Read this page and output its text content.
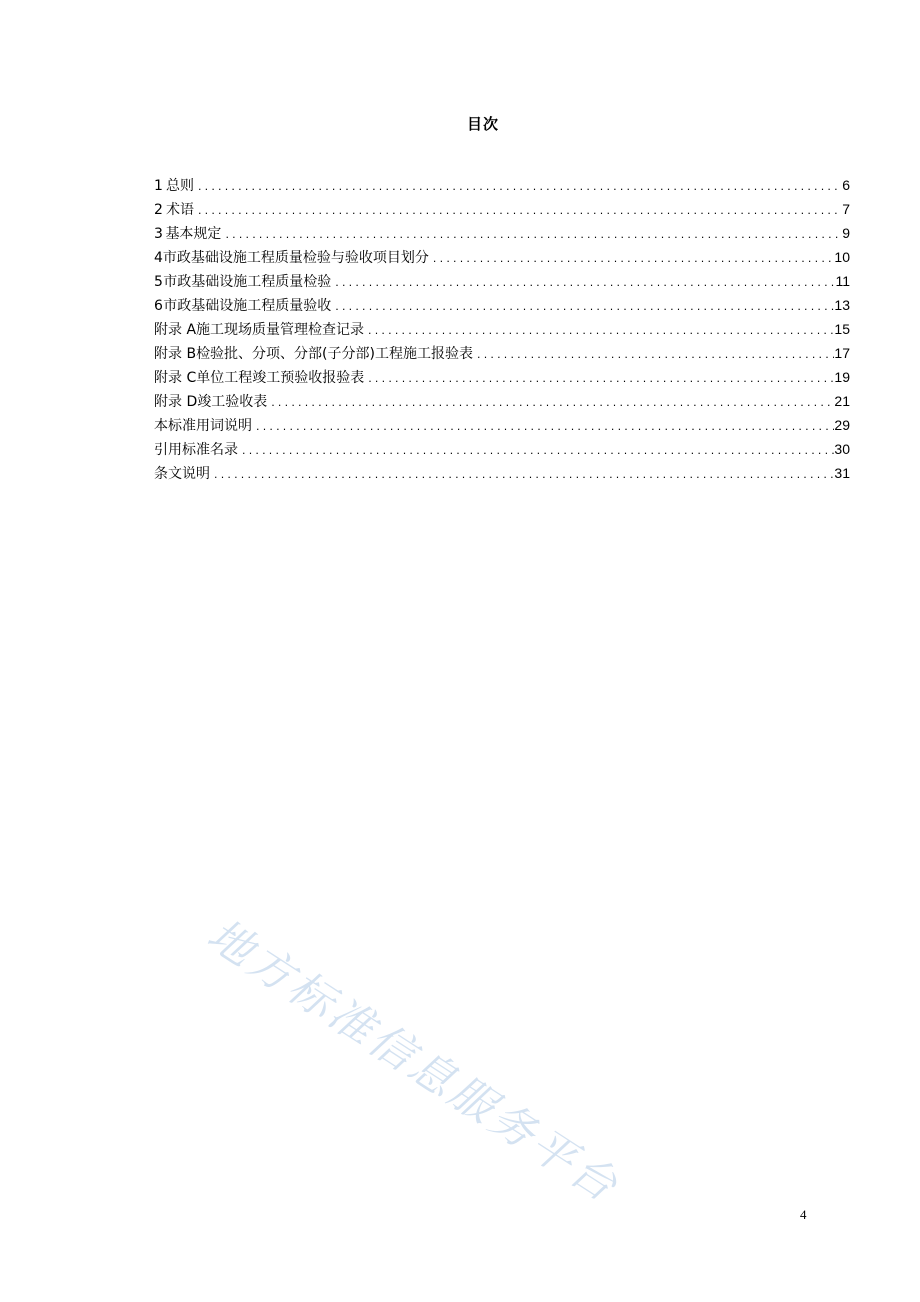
目次
1 总则 .....	6
2 术语 .....	7
3 基本规定 .....	9
4 市政基础设施工程质量检验与验收项目划分 .....	10
5 市政基础设施工程质量检验 .....	11
6 市政基础设施工程质量验收 .....	13
附录 A 施工现场质量管理检查记录 .....	15
附录 B 检验批、分项、分部(子分部)工程施工报验表 .....	17
附录 C 单位工程竣工预验收报验表 .....	19
附录 D 竣工验收表 .....	21
本标准用词说明 .....	29
引用标准名录 .....	30
条文说明 .....	31
地方标准信息服务平台
4
